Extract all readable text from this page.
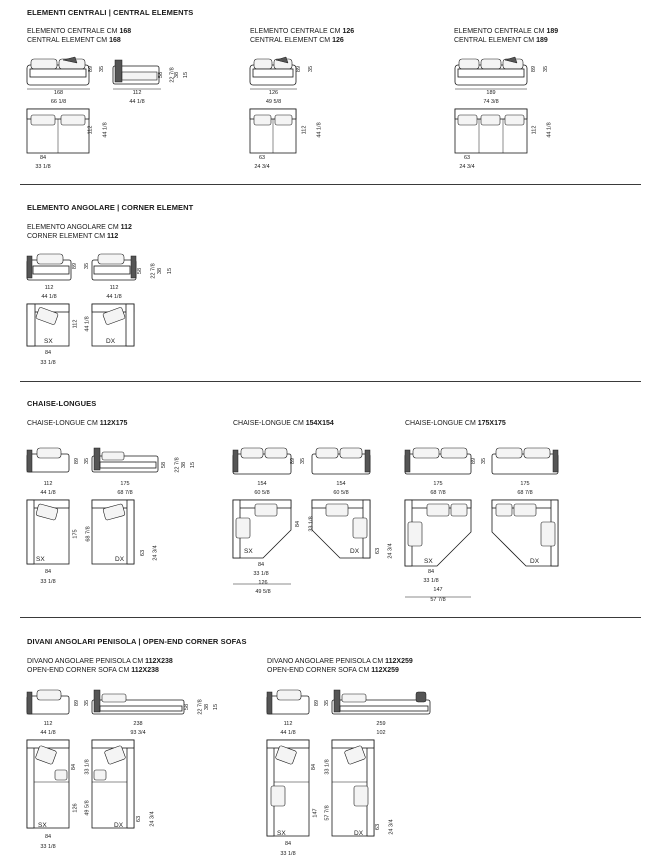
ELEMENTI CENTRALI | CENTRAL ELEMENTS
ELEMENTO CENTRALE CM 168
CENTRAL ELEMENT CM 168
89 35
58 22 7/8
38 15
168
66 1/8
112
44 1/8
112 44 1/8
84
33 1/8
ELEMENTO CENTRALE CM 126
CENTRAL ELEMENT CM 126
89 35
126
49 5/8
112 44 1/8
63
24 3/4
ELEMENTO CENTRALE CM 189
CENTRAL ELEMENT CM 189
89 35
189
74 3/8
112 44 1/8
63
24 3/4
ELEMENTO ANGOLARE | CORNER ELEMENT
ELEMENTO ANGOLARE CM 112
CORNER ELEMENT CM 112
89 35
58 22 7/8 38 15
112
44 1/8
112
44 1/8
SX	DX
112 44 1/8
84
33 1/8
CHAISE-LONGUES
CHAISE-LONGUE CM 112X175
89 35
58 22 7/8 38 15
112
44 1/8
175
68 7/8
SX	DX
175 68 7/8
63 24 3/4
84
33 1/8
CHAISE-LONGUE CM 154X154
89 35
154
60 5/8
154
60 5/8
SX	DX
84 33 1/8
63 24 3/4
84
33 1/8
126
49 5/8
CHAISE-LONGUE CM 175X175
89 35
175
68 7/8
175
68 7/8
SX	DX
84
33 1/8
147
57 7/8
DIVANI ANGOLARI PENISOLA | OPEN-END CORNER SOFAS
DIVANO ANGOLARE PENISOLA CM 112X238
OPEN-END CORNER SOFA CM 112X238
89 35
58 22 7/8 38 15
112
44 1/8
238
93 3/4
SX	DX
84 33 1/8
126 49 5/8
63 24 3/4
84
33 1/8
DIVANO ANGOLARE PENISOLA CM 112X259
OPEN-END CORNER SOFA CM 112X259
89 35
112
44 1/8
259
102
SX	DX
84 33 1/8
147 57 7/8
63 24 3/4
84
33 1/8
